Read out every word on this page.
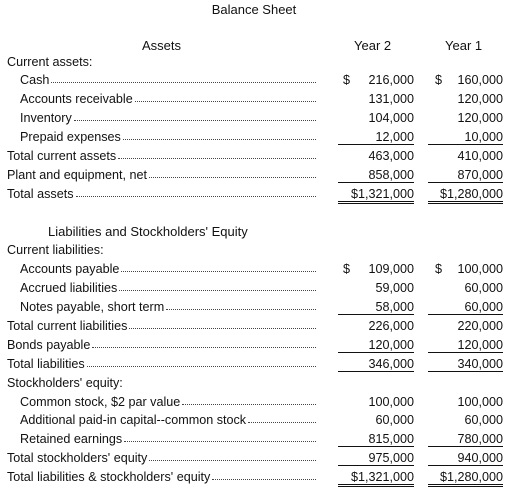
Balance Sheet
Assets	Year 2	Year 1
Liabilities and Stockholders' Equity
Current assets:
Cash	$ 216,000 $ 160,000
Accounts receivable	131,000	120,000
Inventory	104,000	120,000
Prepaid expenses	12,000	10,000
Total current assets	463,000	410,000
Plant and equipment, net	858,000	870,000
Total assets	$1,321,000	$1,280,000
Current liabilities:
Accounts payable	$ 109,000 $ 100,000
Accrued liabilities	59,000	60,000
Notes payable, short term	58,000	60,000
Total current liabilities	226,000	220,000
Bonds payable	120,000	120,000
Total liabilities	346,000	340,000
Stockholders' equity:
Common stock, $2 par value	100,000	100,000
Additional paid-in capital--common stock	60,000	60,000
Retained earnings	815,000	780,000
Total stockholders' equity	975,000	940,000
Total liabilities & stockholders' equity	$1,321,000	$1,280,000
